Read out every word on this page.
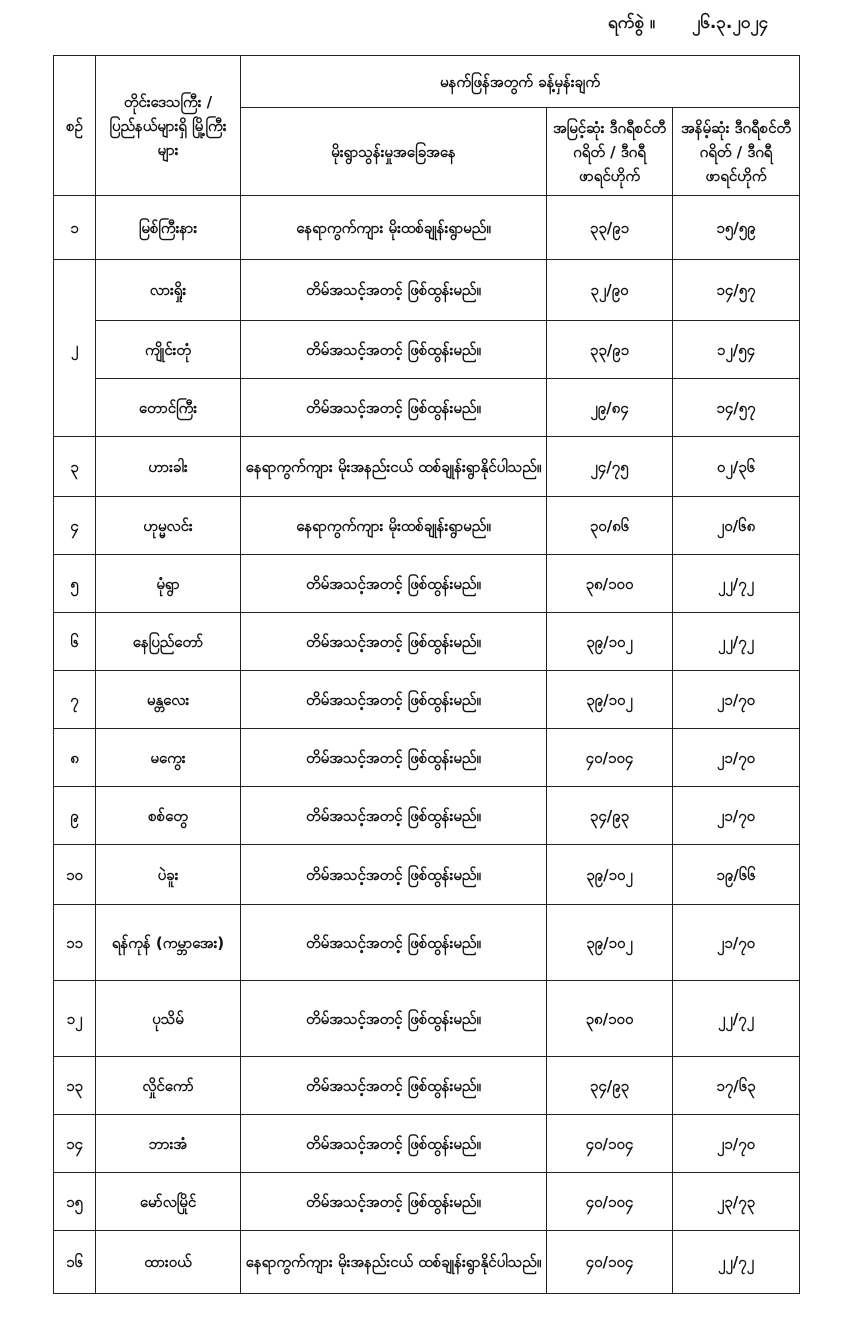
ရက်စွဲ ။ ၂၆.၃.၂၀၂၄
စဉ်	တိုင်းဒေသကြီး / ပြည်နယ်များရှိ မြို့ကြီးများ	မနက်ဖြန်အတွက် ခန့်မှန်းချက်		
		မိုးရွာသွန်းမှုအခြေအနေ	အမြင့်ဆုံး ဒီဂရီစင်တီဂရိတ် / ဒီဂရီဖာရင်ဟိုက်	အနိမ့်ဆုံး ဒီဂရီစင်တီဂရိတ် / ဒီဂရီဖာရင်ဟိုက်
၁	မြစ်ကြီးနား	နေရာကွက်ကျား မိုးထစ်ချုန်းရွာမည်။	၃၃/၉၁	၁၅/၅၉
၂	လားရှိုး	တိမ်အသင့်အတင့် ဖြစ်ထွန်းမည်။	၃၂/၉၀	၁၄/၅၇
	ကျိုင်းတုံ	တိမ်အသင့်အတင့် ဖြစ်ထွန်းမည်။	၃၃/၉၁	၁၂/၅၄
	တောင်ကြီး	တိမ်အသင့်အတင့် ဖြစ်ထွန်းမည်။	၂၉/၈၄	၁၄/၅၇
၃	ဟားခါး	နေရာကွက်ကျား မိုးအနည်းငယ် ထစ်ချုန်းရွာနိုင်ပါသည်။	၂၄/၇၅	၀၂/၃၆
၄	ဟုမ္မလင်း	နေရာကွက်ကျား မိုးထစ်ချုန်းရွာမည်။	၃၀/၈၆	၂၀/၆၈
၅	မုံရွာ	တိမ်အသင့်အတင့် ဖြစ်ထွန်းမည်။	၃၈/၁၀၀	၂၂/၇၂
၆	နေပြည်တော်	တိမ်အသင့်အတင့် ဖြစ်ထွန်းမည်။	၃၉/၁၀၂	၂၂/၇၂
၇	မန္တလေး	တိမ်အသင့်အတင့် ဖြစ်ထွန်းမည်။	၃၉/၁၀၂	၂၁/၇၀
၈	မကွေး	တိမ်အသင့်အတင့် ဖြစ်ထွန်းမည်။	၄၀/၁၀၄	၂၁/၇၀
၉	စစ်တွေ	တိမ်အသင့်အတင့် ဖြစ်ထွန်းမည်။	၃၄/၉၃	၂၁/၇၀
၁၀	ပဲခူး	တိမ်အသင့်အတင့် ဖြစ်ထွန်းမည်။	၃၉/၁၀၂	၁၉/၆၆
၁၁	ရန်ကုန် (ကမ္ဘာအေး)	တိမ်အသင့်အတင့် ဖြစ်ထွန်းမည်။	၃၉/၁၀၂	၂၁/၇၀
၁၂	ပုသိမ်	တိမ်အသင့်အတင့် ဖြစ်ထွန်းမည်။	၃၈/၁၀၀	၂၂/၇၂
၁၃	လှိုင်ကော်	တိမ်အသင့်အတင့် ဖြစ်ထွန်းမည်။	၃၄/၉၃	၁၇/၆၃
၁၄	ဘားအံ	တိမ်အသင့်အတင့် ဖြစ်ထွန်းမည်။	၄၀/၁၀၄	၂၁/၇၀
၁၅	မော်လမြိုင်	တိမ်အသင့်အတင့် ဖြစ်ထွန်းမည်။	၄၀/၁၀၄	၂၃/၇၃
၁၆	ထားဝယ်	နေရာကွက်ကျား မိုးအနည်းငယ် ထစ်ချုန်းရွာနိုင်ပါသည်။	၄၀/၁၀၄	၂၂/၇၂
